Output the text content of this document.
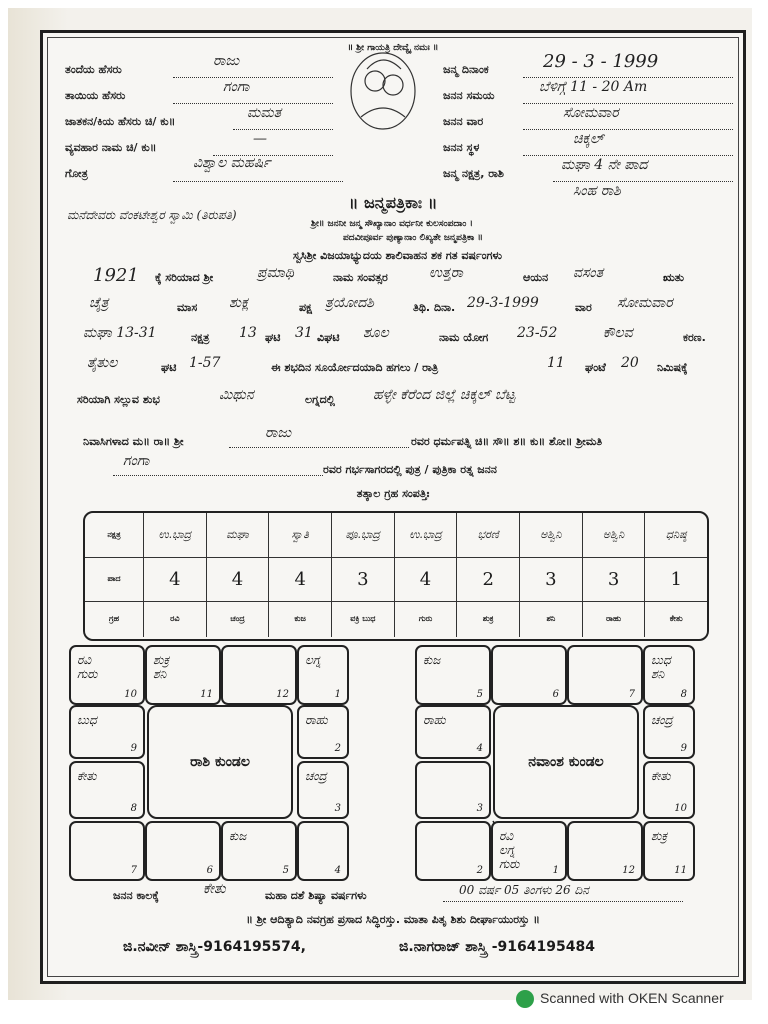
॥ ಶ್ರೀ ಗಾಯತ್ರಿ ದೇವ್ಯೈ ನಮಃ ॥
ತಂದೆಯ ಹೆಸರು
ರಾಜು
ತಾಯಿಯ ಹೆಸರು
ಗಂಗಾ
ಜಾತಕನ/ಕಿಯ ಹೆಸರು ಚಿ/ ಕು॥
ಮಮತ
ವ್ಯವಹಾರ ನಾಮ ಚಿ/ ಕು॥
—
ಗೋತ್ರ
ವಿಶ್ವಾಲ ಮಹರ್ಷಿ
ಜನ್ಮ ದಿನಾಂಕ	29 - 3 - 1999
ಜನನ ಸಮಯ
ಬೆಳಿಗ್ಗೆ 11 - 20 Am
ಜನನ ವಾರ
ಸೋಮವಾರ
ಜನನ ಸ್ಥಳ
ಚಿಕ್ಕಲ್
ಜನ್ಮ ನಕ್ಷತ್ರ, ರಾಶಿ
ಮಘಾ 4 ನೇ ಪಾದ
ಸಿಂಹ ರಾಶಿ
॥ ಜನ್ಮಪತ್ರಿಕಾಃ ॥
ಮನೆದೇವರು ವೆಂಕಟೇಶ್ವರ ಸ್ವಾಮಿ (ತಿರುಪತಿ)
ಶ್ರೀ॥ ಜನನೀ ಜನ್ಮ ಸೌಖ್ಯಾನಾಂ ವರ್ಧನೀ ಕುಲಸಂಪದಾಂ ।
ಪದವೀಪೂರ್ವ ಪುಣ್ಯಾನಾಂ ಲಿಖ್ಯತೇ ಜನ್ಮಪತ್ರಿಕಾ ॥
ಸ್ವಸಿಶ್ರೀ ವಿಜಯಾಭ್ಯುದಯ ಶಾಲಿವಾಹನ ಶಕ ಗತ ವರ್ಷಂಗಳು
1921 ಕ್ಕೆ ಸರಿಯಾದ ಶ್ರೀ	ಪ್ರಮಾಥಿ	ನಾಮ ಸಂವತ್ಸರ	ಉತ್ತರಾ	ಆಯನ ವಸಂತ	ಋತು
ಚೈತ್ರ	ಮಾಸ ಶುಕ್ಲ	ಪಕ್ಷ ತ್ರಯೋದಶಿ	ತಿಥಿ. ದಿನಾ. 29-3-1999	ವಾರ ಸೋಮವಾರ
ಮಘಾ 13-31	ನಕ್ಷತ್ರ 13 ಘಟಿ 31 ವಿಘಟಿ ಶೂಲ	ನಾಮ ಯೋಗ 23-52	ಕೌಲವ	ಕರಣ.
ತೈತುಲ	ಘಟಿ 1-57	ಈ ಶಭದಿನ ಸೂರ್ಯೋದಯಾದಿ ಹಗಲು / ರಾತ್ರಿ	11 ಘಂಟೆ 20 ನಿಮಿಷಕ್ಕೆ
ಸರಿಯಾಗಿ ಸಲ್ಲುವ ಶುಭ	ಮಿಥುನ	ಲಗ್ನದಲ್ಲಿ	ಹಳ್ಳೇ ಕೆರೆಂದ ಜಿಲ್ಲೆ ಚಿಕ್ಕಲ್ ಬೆಟ್ಟ
ನಿವಾಸಿಗಳಾದ ಮ॥ ರಾ॥ ಶ್ರೀ
ರಾಜು
ರವರ ಧರ್ಮಪತ್ನಿ ಚಿ॥ ಸೌ॥ ಶ॥ ಕು॥ ಶೋ॥ ಶ್ರೀಮತಿ
ಗಂಗಾ
ರವರ ಗರ್ಭಸಾಗರದಲ್ಲಿ ಪುತ್ರ / ಪುತ್ರಿಕಾ ರತ್ನ ಜನನ
ತತ್ಕಾಲ ಗ್ರಹ ಸಂಪತ್ತಿಃ
ನಕ್ಷತ್ರ	ಉ.ಭಾದ್ರ	ಮಘಾ	ಸ್ವಾತಿ	ಪೂ.ಭಾದ್ರ	ಉ.ಭಾದ್ರ	ಭರಣಿ	ಅಶ್ವಿನಿ	ಅಶ್ವಿನಿ	ಧನಿಷ್ಠ
ಪಾದ	4	4	4	3	4	2	3	3	1
ಗ್ರಹ	ರವಿ	ಚಂದ್ರ	ಕುಜ	ವಕ್ರಿ ಬುಧ	ಗುರು	ಶುಕ್ರ	ಶನಿ	ರಾಹು	ಕೇತು
ರವಿ
ಗುರು
10
ಶುಕ್ರ
ಶನಿ
11	12
ಲಗ್ನ
1
ಬುಧ
9
ಕೇತು
8
ರಾಶಿ ಕುಂಡಲ
ರಾಹು
2
ಚಂದ್ರ
3
7	6
ಕುಜ
5	4
ಕುಜ
5	6	7
ಬುಧ
ಶನಿ
8
ರಾಹು
4
3
ನವಾಂಶ ಕುಂಡಲ
ಚಂದ್ರ
9
ಕೇತು
10
2
ರವಿ
ಲಗ್ನ
ಗುರು	1	12
ಶುಕ್ರ
11
ಜನನ ಕಾಲಕ್ಕೆ	ಕೇತು	ಮಹಾ ದಶೆ ಶಿಷ್ಯಾ ವರ್ಷಗಳು	00 ವರ್ಷ 05 ತಿಂಗಳು 26 ದಿನ
॥ ಶ್ರೀ ಆದಿತ್ಯಾದಿ ನವಗ್ರಹ ಪ್ರಸಾದ ಸಿದ್ಧಿರಸ್ತು. ಮಾತಾ ಪಿತೃ ಶಿಶು ದೀರ್ಘಾಯುರಸ್ತು ॥
ಜಿ.ನವೀನ್ ಶಾಸ್ತ್ರಿ-9164195574,	ಜಿ.ನಾಗರಾಜ್ ಶಾಸ್ತ್ರಿ -9164195484
Scanned with OKEN Scanner
